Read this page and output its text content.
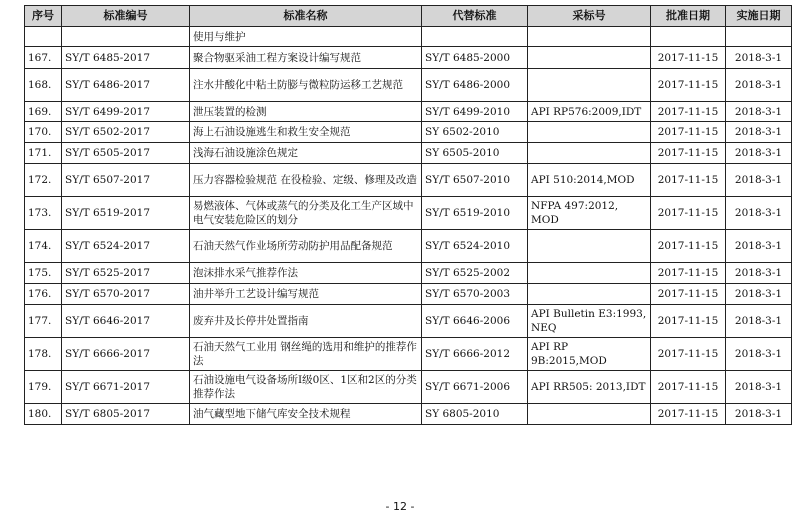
序号	标准编号	标准名称	代替标准	采标号	批准日期	实施日期
		使用与维护				
167.	SY/T 6485-2017	聚合物驱采油工程方案设计编写规范	SY/T 6485-2000		2017-11-15	2018-3-1
168.	SY/T 6486-2017	注水井酸化中粘土防膨与微粒防运移工艺规范	SY/T 6486-2000		2017-11-15	2018-3-1
169.	SY/T 6499-2017	泄压装置的检测	SY/T 6499-2010	API RP576:2009,IDT	2017-11-15	2018-3-1
170.	SY/T 6502-2017	海上石油设施逃生和救生安全规范	SY 6502-2010		2017-11-15	2018-3-1
171.	SY/T 6505-2017	浅海石油设施涂色规定	SY 6505-2010		2017-11-15	2018-3-1
172.	SY/T 6507-2017	压力容器检验规范 在役检验、定级、修理及改造	SY/T 6507-2010	API 510:2014,MOD	2017-11-15	2018-3-1
173.	SY/T 6519-2017	易燃液体、气体或蒸气的分类及化工生产区域中电气安装危险区的划分	SY/T 6519-2010	NFPA 497:2012, MOD	2017-11-15	2018-3-1
174.	SY/T 6524-2017	石油天然气作业场所劳动防护用品配备规范	SY/T 6524-2010		2017-11-15	2018-3-1
175.	SY/T 6525-2017	泡沫排水采气推荐作法	SY/T 6525-2002		2017-11-15	2018-3-1
176.	SY/T 6570-2017	油井举升工艺设计编写规范	SY/T 6570-2003		2017-11-15	2018-3-1
177.	SY/T 6646-2017	废弃井及长停井处置指南	SY/T 6646-2006	API Bulletin E3:1993, NEQ	2017-11-15	2018-3-1
178.	SY/T 6666-2017	石油天然气工业用 钢丝绳的选用和维护的推荐作法	SY/T 6666-2012	API RP 9B:2015,MOD	2017-11-15	2018-3-1
179.	SY/T 6671-2017	石油设施电气设备场所Ⅰ级0区、1区和2区的分类推荐作法	SY/T 6671-2006	API RR505: 2013,IDT	2017-11-15	2018-3-1
180.	SY/T 6805-2017	油气藏型地下储气库安全技术规程	SY 6805-2010		2017-11-15	2018-3-1
- 12 -
